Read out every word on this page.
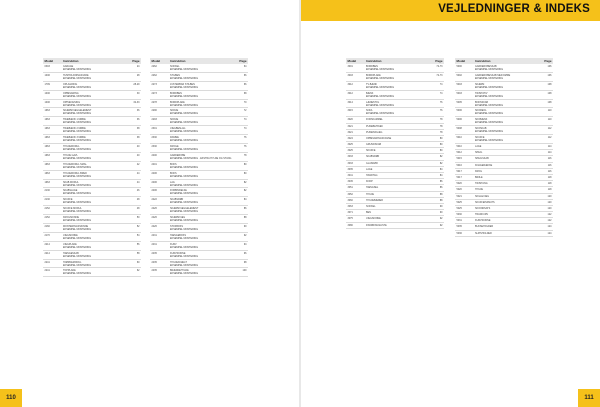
VEJLEDNINGER & INDEKS
Model	Instruktion	Page
0303	GARAGE
EKSEMPEL MONTERING
24
1046	HUSHOLDNINGSVARE
EKSEMPEL MONTERING
28
1709	OPLAGRING
EKSEMPEL MONTERING
28-29
1046	OPBEVARING
EKSEMPEL MONTERING
30
1046	OPHÆNGNING
EKSEMPEL MONTERING
32-33
1963	SKÆRMVÆGGELEMENT
EKSEMPEL MONTERING
36
1963	TRÆBÆNK 1 MØDE
EKSEMPEL MONTERING
36
1963	TRÆBÆNK 2 MØDE
EKSEMPEL MONTERING
38
1963	TRÆBÆNK 3 MØDE
EKSEMPEL MONTERING
38
1963	HYLDEMODUL
EKSEMPEL MONTERING
40
1963	HYLDE GAVL
EKSEMPEL MONTERING
40
1963	HYLDEMODUL SMAL
EKSEMPEL MONTERING
42
1963	HYLDEMODUL BRED
EKSEMPEL MONTERING
44
1963	SKAB MODUL
EKSEMPEL MONTERING
44
2130	SKABSLÅGE
EKSEMPEL MONTERING
46
2130	SKUFFE
EKSEMPEL MONTERING
48
2152	SKUFFE MODUL
EKSEMPEL MONTERING
48
2152	KROGSKINNE
EKSEMPEL MONTERING
50
2160	MONTERINGSSKINNE
EKSEMPEL MONTERING
52
2170	VÆGSKINNE
EKSEMPEL MONTERING
54
2214	VÆGPLADE
EKSEMPEL MONTERING
56
2214	HÆNGESKAB
EKSEMPEL MONTERING
58
2241	HJØRNEMODUL
EKSEMPEL MONTERING
60
2241	TOPPLADE
EKSEMPEL MONTERING
62
Model	Instruktion	Page
2262	SOKKEL
EKSEMPEL MONTERING
64
2262	STILBEN
EKSEMPEL MONTERING
66
2273	JUSTERBAR STILBEN
EKSEMPEL MONTERING
66
2273	BORDBEN
EKSEMPEL MONTERING
68
2278	BORDPLADE
EKSEMPEL MONTERING
70
2290	SKRUE
EKSEMPEL MONTERING
72
2293	SKRUE
EKSEMPEL MONTERING
74
2301	VÆGBESLAG
EKSEMPEL MONTERING
74
2330	RAMME
EKSEMPEL MONTERING
76
2330	KROGE
EKSEMPEL MONTERING
76
2400	GARDEROBE
EKSEMPEL MONTERING · EKSTRA HYLDE OG STANG
78
2401	BOKS
EKSEMPEL MONTERING
80
2406	BOKS
EKSEMPEL MONTERING
80
2406	LAG
EKSEMPEL MONTERING
82
2406	FORBINDELSE
EKSEMPEL MONTERING
82
2422	SKABSDØR
EKSEMPEL MONTERING
84
2426	SKÆRMVÆGGELEMENT
EKSEMPEL MONTERING
86
2426	SKÆRMVÆG
EKSEMPEL MONTERING
88
2426	STOFBOKS
EKSEMPEL MONTERING
90
2431	HÆNGEBOKS
EKSEMPEL MONTERING
92
2431	KURV
EKSEMPEL MONTERING
94
2435	KURVSKINNE
EKSEMPEL MONTERING
96
2435	HYLDEKNÆGT
EKSEMPEL MONTERING
98
2435	BRÆDDEHYLDE
EKSEMPEL MONTERING
100
Model	Instruktion	Page
3001	BORDBEN
EKSEMPEL MONTERING
72-73
3003	BORDPLADE
EKSEMPEL MONTERING
72-73
3012	TV-BÆNK
EKSEMPEL MONTERING
74
3012	BÆNK
EKSEMPEL MONTERING
74
3014	LÆNESTOL
EKSEMPEL MONTERING
76
3015	SOFA
EKSEMPEL MONTERING
76
3020	FODSKAMMEL	78
3021	PUDEBETRÆK	78
3021	PUDEINDLÆG	78
3024	OPBEVARINGSKASSE	80
3025	GRUNDSKAB	80
3025	SKUFFE	80
3033	SKABSDØR	82
3033	GLASDØR	82
3035	LÅGE	84
3041	HÅNDTAG	84
3045	KNOP	86
3051	HÆNGSEL	86
3052	HYLDE	88
3060	HYLDEBÆRER	88
3063	SOKKEL	90
3071	BEN	90
3075	VÆGSKINNE	92
3080	PÅFØRINGSLISTE	92
Model	Instruktion	Page
5000	GARDEROBESKAB
EKSEMPEL MONTERING
106
5002	GARDEROBESKAB MED DØRE
EKSEMPEL MONTERING
106
5003	SKÆRM
EKSEMPEL MONTERING
108
5003	TØJSTATIV
EKSEMPEL MONTERING
108
5005	BOKSSKAB
EKSEMPEL MONTERING
108
5006	SKOREOL
EKSEMPEL MONTERING
110
5006	SKOBÆNK
EKSEMPEL MONTERING
110
5008	SKOSKAB
EKSEMPEL MONTERING
112
5010	SKUFFE
EKSEMPEL MONTERING
112
5010	LÅGE	114
5012	SPEJL	114
5015	SPEJLSKAB	116
5016	KNAGERÆKKE	116
5017	KROG	116
5017	BØJLE	118
5020	TØJSTANG	118
5020	HYLDE	118
5021	SKILLEVÆG	120
5025	SKUFFEINDSATS	120
5025	SKOINDSATS	120
5030	TRÅDKURV	122
5031	KURVSKINNE	122
5035	BUKSEHOLDER	124
5036	SLIPSHOLDER	124
110	111
